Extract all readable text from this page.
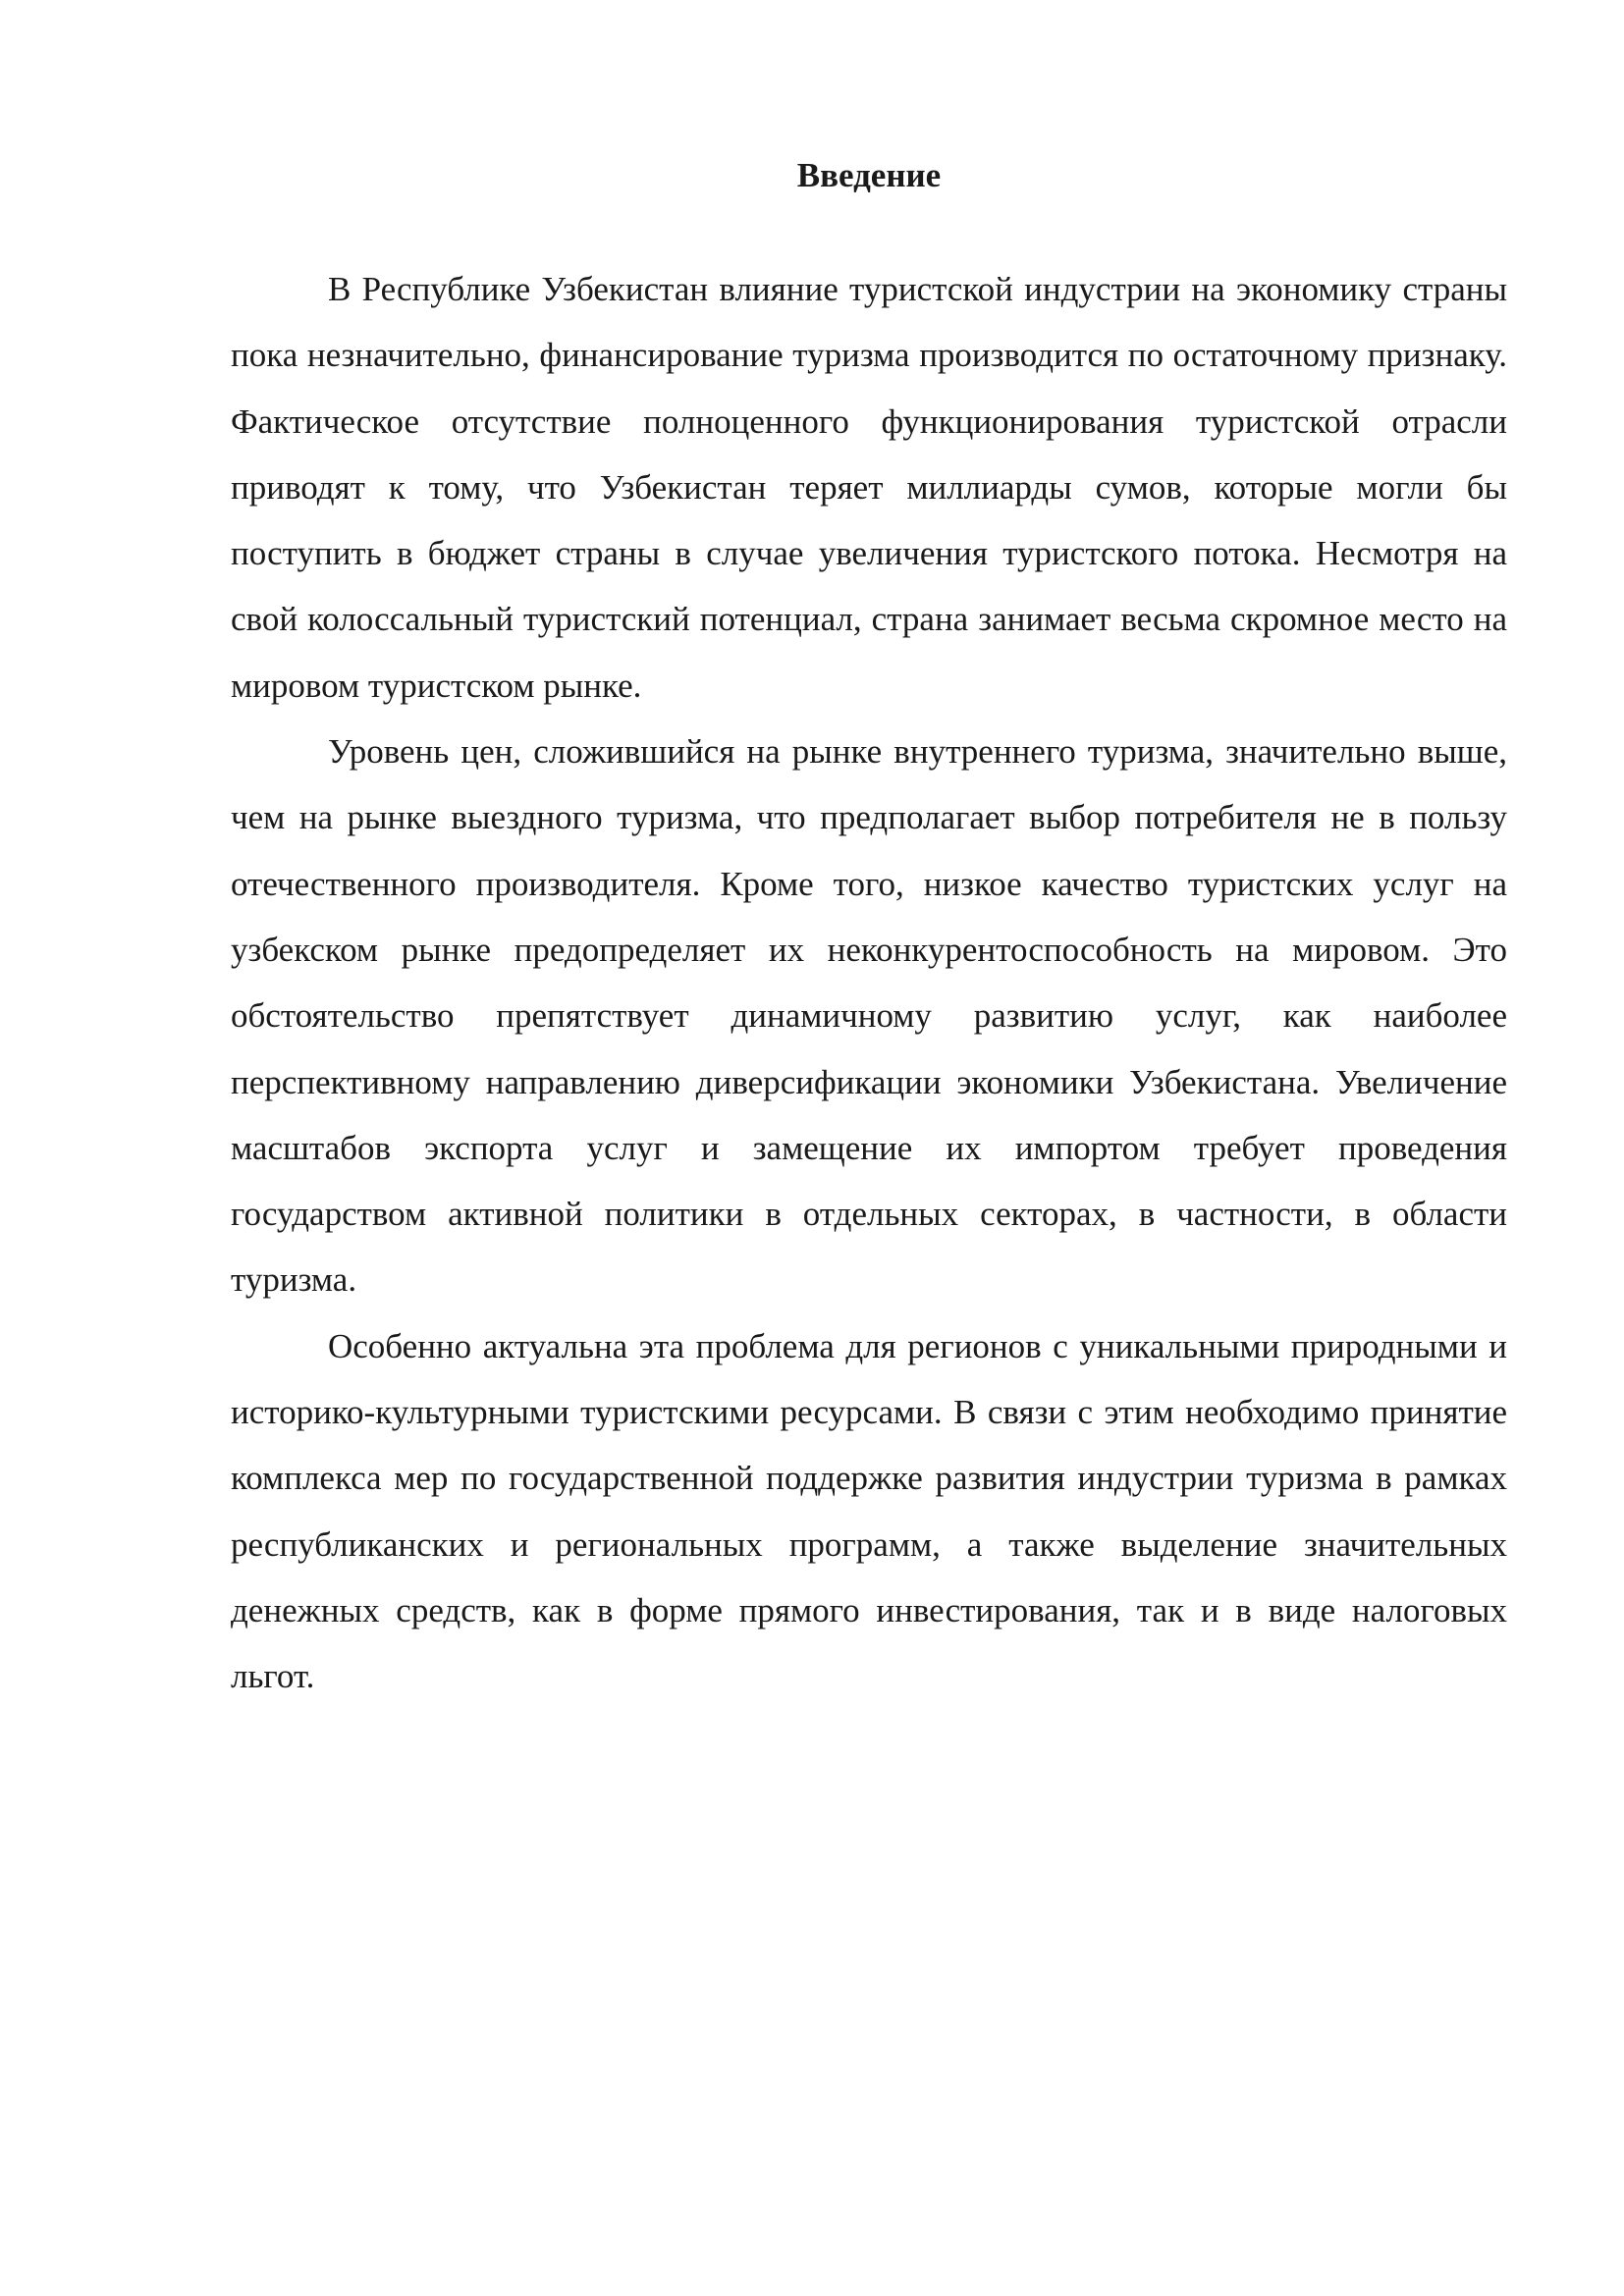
Введение

В Республике Узбекистан влияние туристской индустрии на экономику страны пока незначительно, финансирование туризма производится по остаточному признаку. Фактическое отсутствие полноценного функционирования туристской отрасли приводят к тому, что Узбекистан теряет миллиарды сумов, которые могли бы поступить в бюджет страны в случае увеличения туристского потока. Несмотря на свой колоссальный туристский потенциал, страна занимает весьма скромное место на мировом туристском рынке.

Уровень цен, сложившийся на рынке внутреннего туризма, значительно выше, чем на рынке выездного туризма, что предполагает выбор потребителя не в пользу отечественного производителя. Кроме того, низкое качество туристских услуг на узбекском рынке предопределяет их неконкурентоспособность на мировом. Это обстоятельство препятствует динамичному развитию услуг, как наиболее перспективному направлению диверсификации экономики Узбекистана. Увеличение масштабов экспорта услуг и замещение их импортом требует проведения государством активной политики в отдельных секторах, в частности, в области туризма.

Особенно актуальна эта проблема для регионов с уникальными природными и историко-культурными туристскими ресурсами. В связи с этим необходимо принятие комплекса мер по государственной поддержке развития индустрии туризма в рамках республиканских и региональных программ, а также выделение значительных денежных средств, как в форме прямого инвестирования, так и в виде налоговых льгот.
